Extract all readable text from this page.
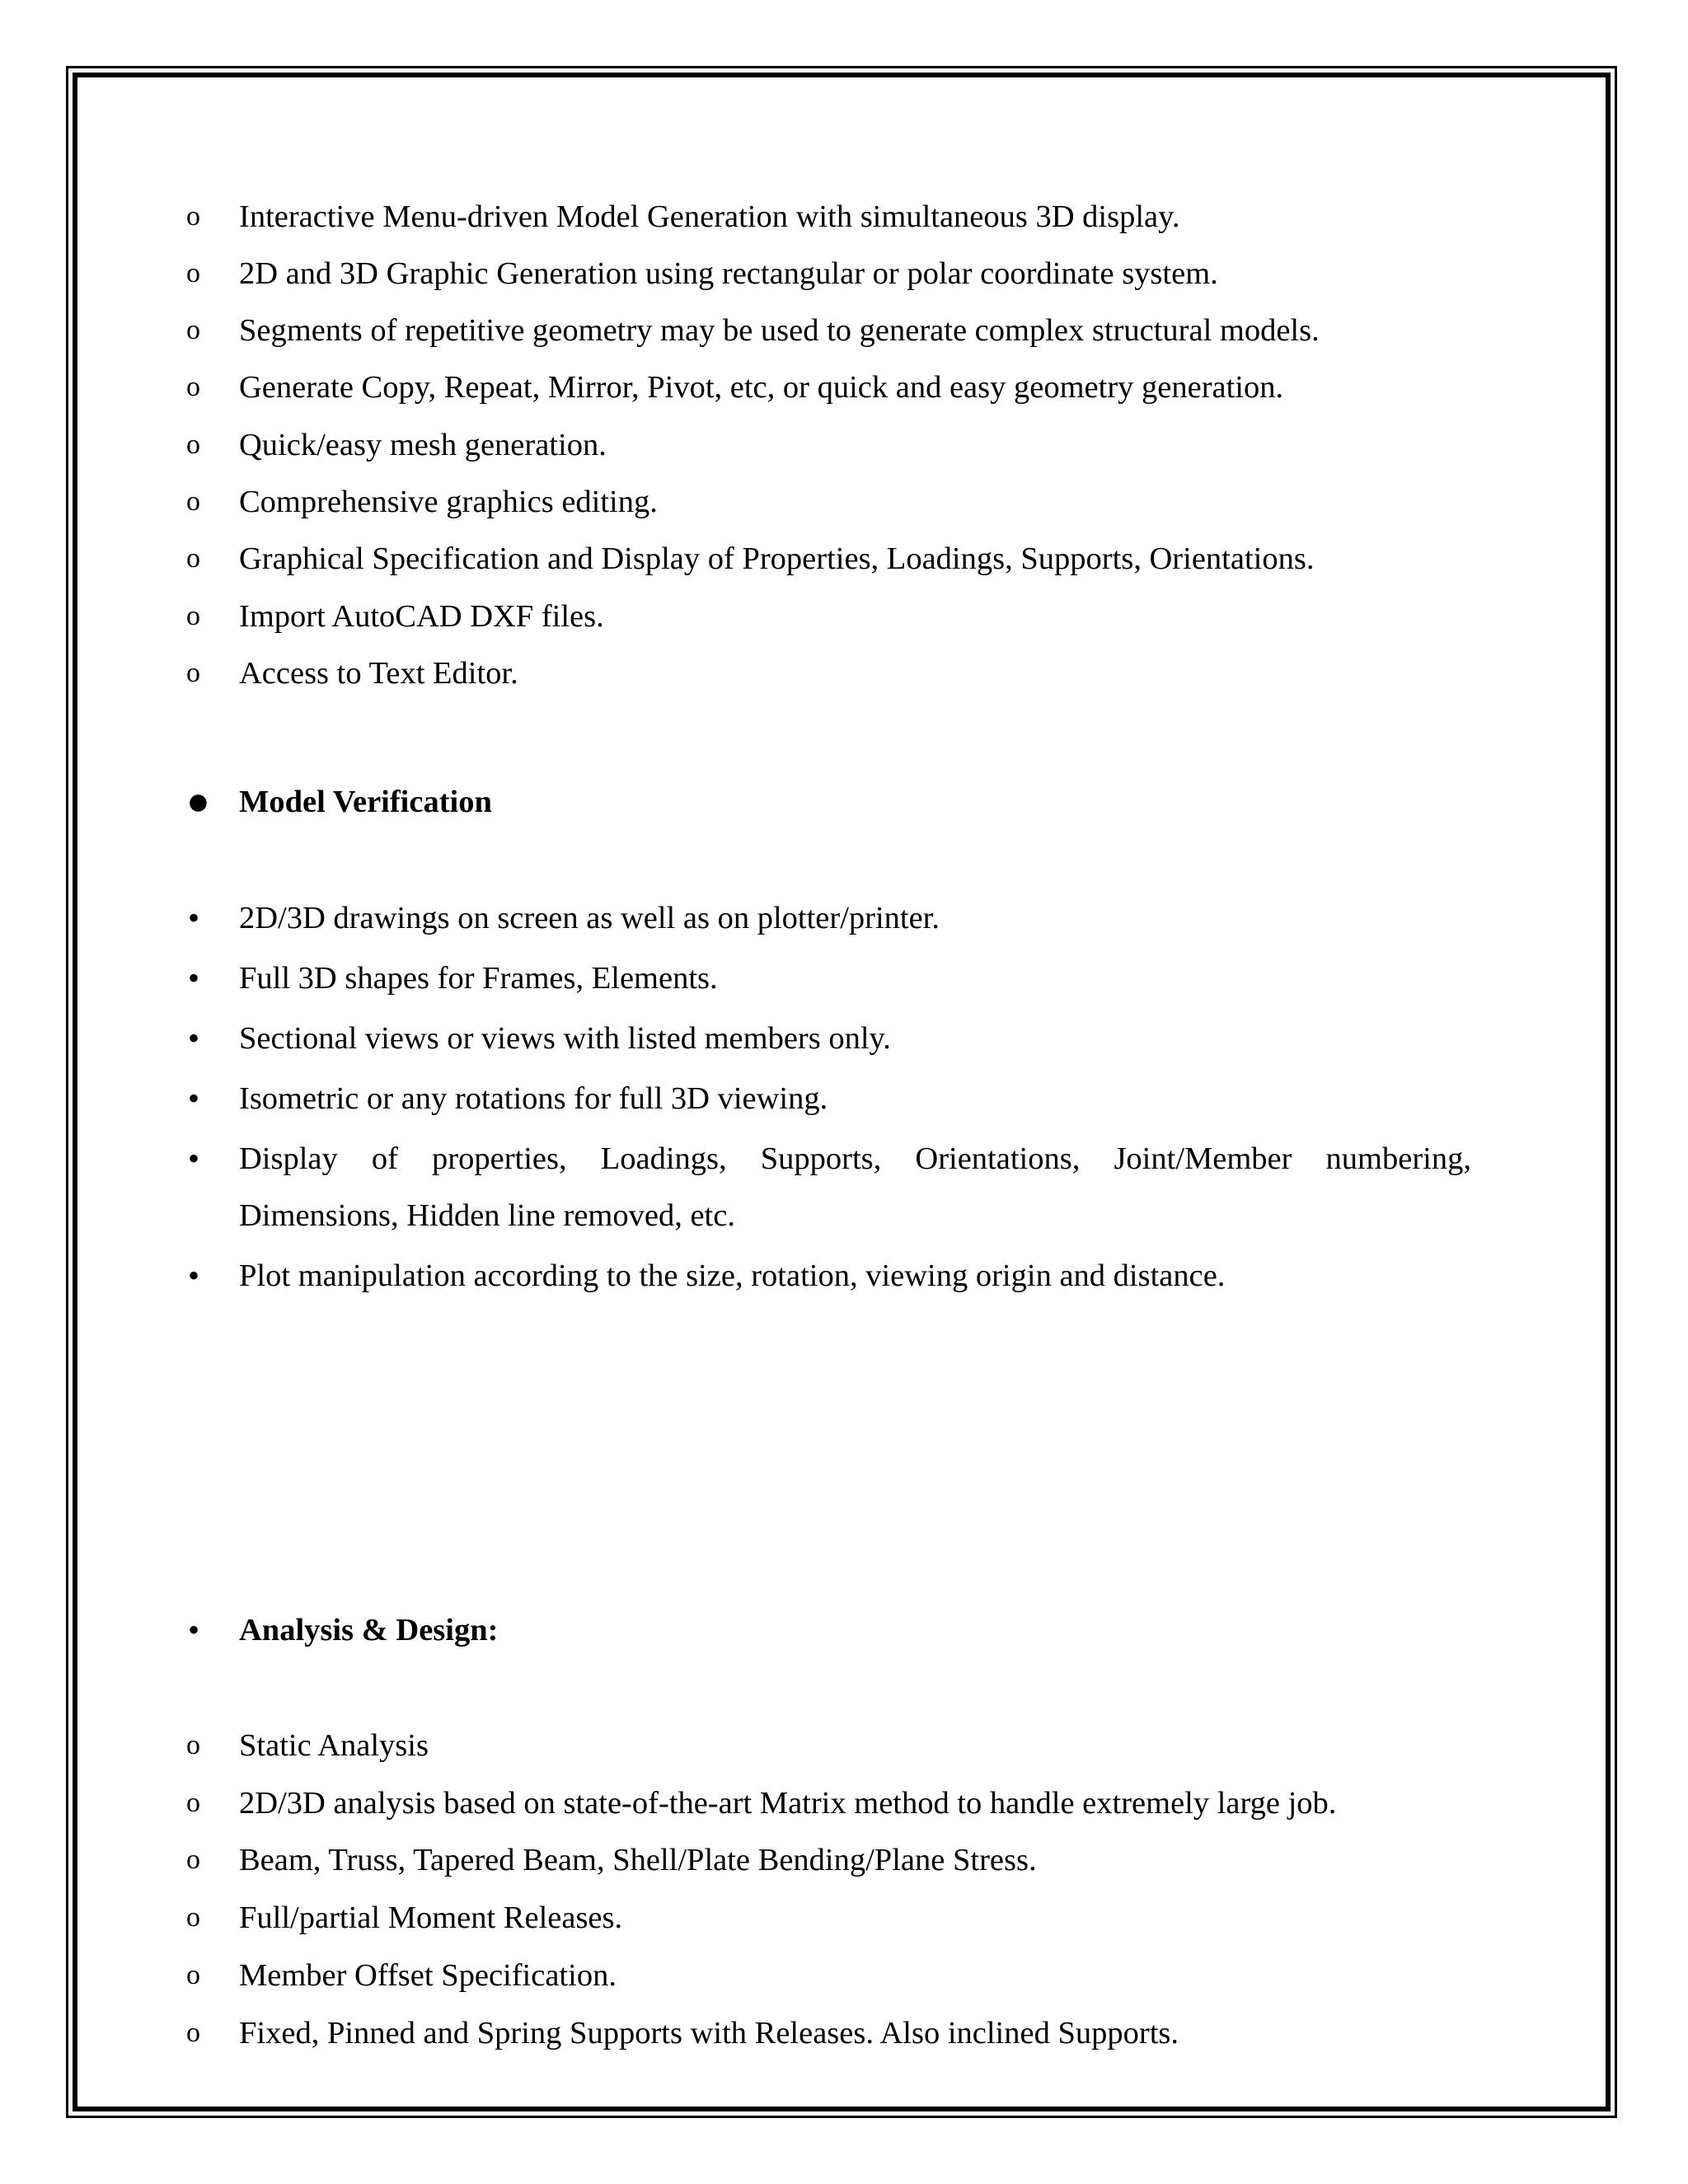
o	Interactive Menu-driven Model Generation with simultaneous 3D display.
o	2D and 3D Graphic Generation using rectangular or polar coordinate system.
o	Segments of repetitive geometry may be used to generate complex structural models.
o	Generate Copy, Repeat, Mirror, Pivot, etc, or quick and easy geometry generation.
o	Quick/easy mesh generation.
o	Comprehensive graphics editing.
o	Graphical Specification and Display of Properties, Loadings, Supports, Orientations.
o	Import AutoCAD DXF files.
o	Access to Text Editor.
● Model Verification
•	2D/3D drawings on screen as well as on plotter/printer.
•	Full 3D shapes for Frames, Elements.
•	Sectional views or views with listed members only.
•	Isometric or any rotations for full 3D viewing.
•	Display of properties, Loadings, Supports, Orientations, Joint/Member numbering,
Dimensions, Hidden line removed, etc.
•	Plot manipulation according to the size, rotation, viewing origin and distance.
•	Analysis & Design:
o	Static Analysis
o	2D/3D analysis based on state-of-the-art Matrix method to handle extremely large job.
o	Beam, Truss, Tapered Beam, Shell/Plate Bending/Plane Stress.
o	Full/partial Moment Releases.
o	Member Offset Specification.
o	Fixed, Pinned and Spring Supports with Releases. Also inclined Supports.
